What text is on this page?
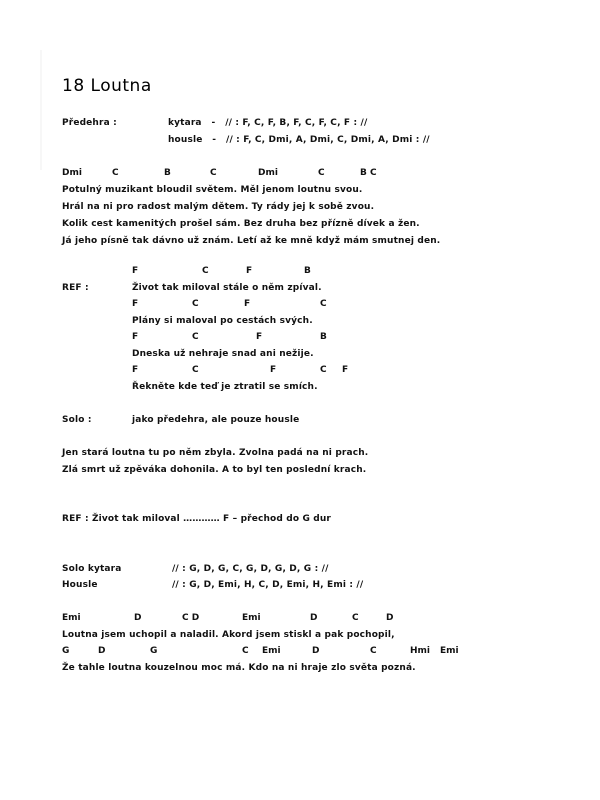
18 Loutna
Předehra :	kytara   -   // : F, C, F, B, F, C, F, C, F : //
housle   -   // : F, C, Dmi, A, Dmi, C, Dmi, A, Dmi : //
Dmi	C	B	C	Dmi	C	B C
Potulný muzikant bloudil světem. Měl jenom loutnu svou.
Hrál na ni pro radost malým dětem. Ty rády jej k sobě zvou.
Kolik cest kamenitých prošel sám. Bez druha bez přízně dívek a žen.
Já jeho písně tak dávno už znám. Letí až ke mně když mám smutnej den.
F	C	F	B
REF :	Život tak miloval stále o něm zpíval.
F	C	F	C
Plány si maloval po cestách svých.
F	C	F	B
Dneska už nehraje snad ani nežije.
F	C	F	C F
Řekněte kde teď je ztratil se smích.
Solo :	jako předehra, ale pouze housle
Jen stará loutna tu po něm zbyla. Zvolna padá na ni prach.
Zlá smrt už zpěváka dohonila. A to byl ten poslední krach.
REF : Život tak miloval ………… F – přechod do G dur
Solo kytara	// : G, D, G, C, G, D, G, D, G : //
Housle	// : G, D, Emi, H, C, D, Emi, H, Emi : //
Emi	D	C D	Emi	D	C	D
Loutna jsem uchopil a naladil. Akord jsem stiskl a pak pochopil,
G	D	G	C Emi	D	C	Hmi Emi
Že tahle loutna kouzelnou moc má. Kdo na ni hraje zlo světa pozná.
